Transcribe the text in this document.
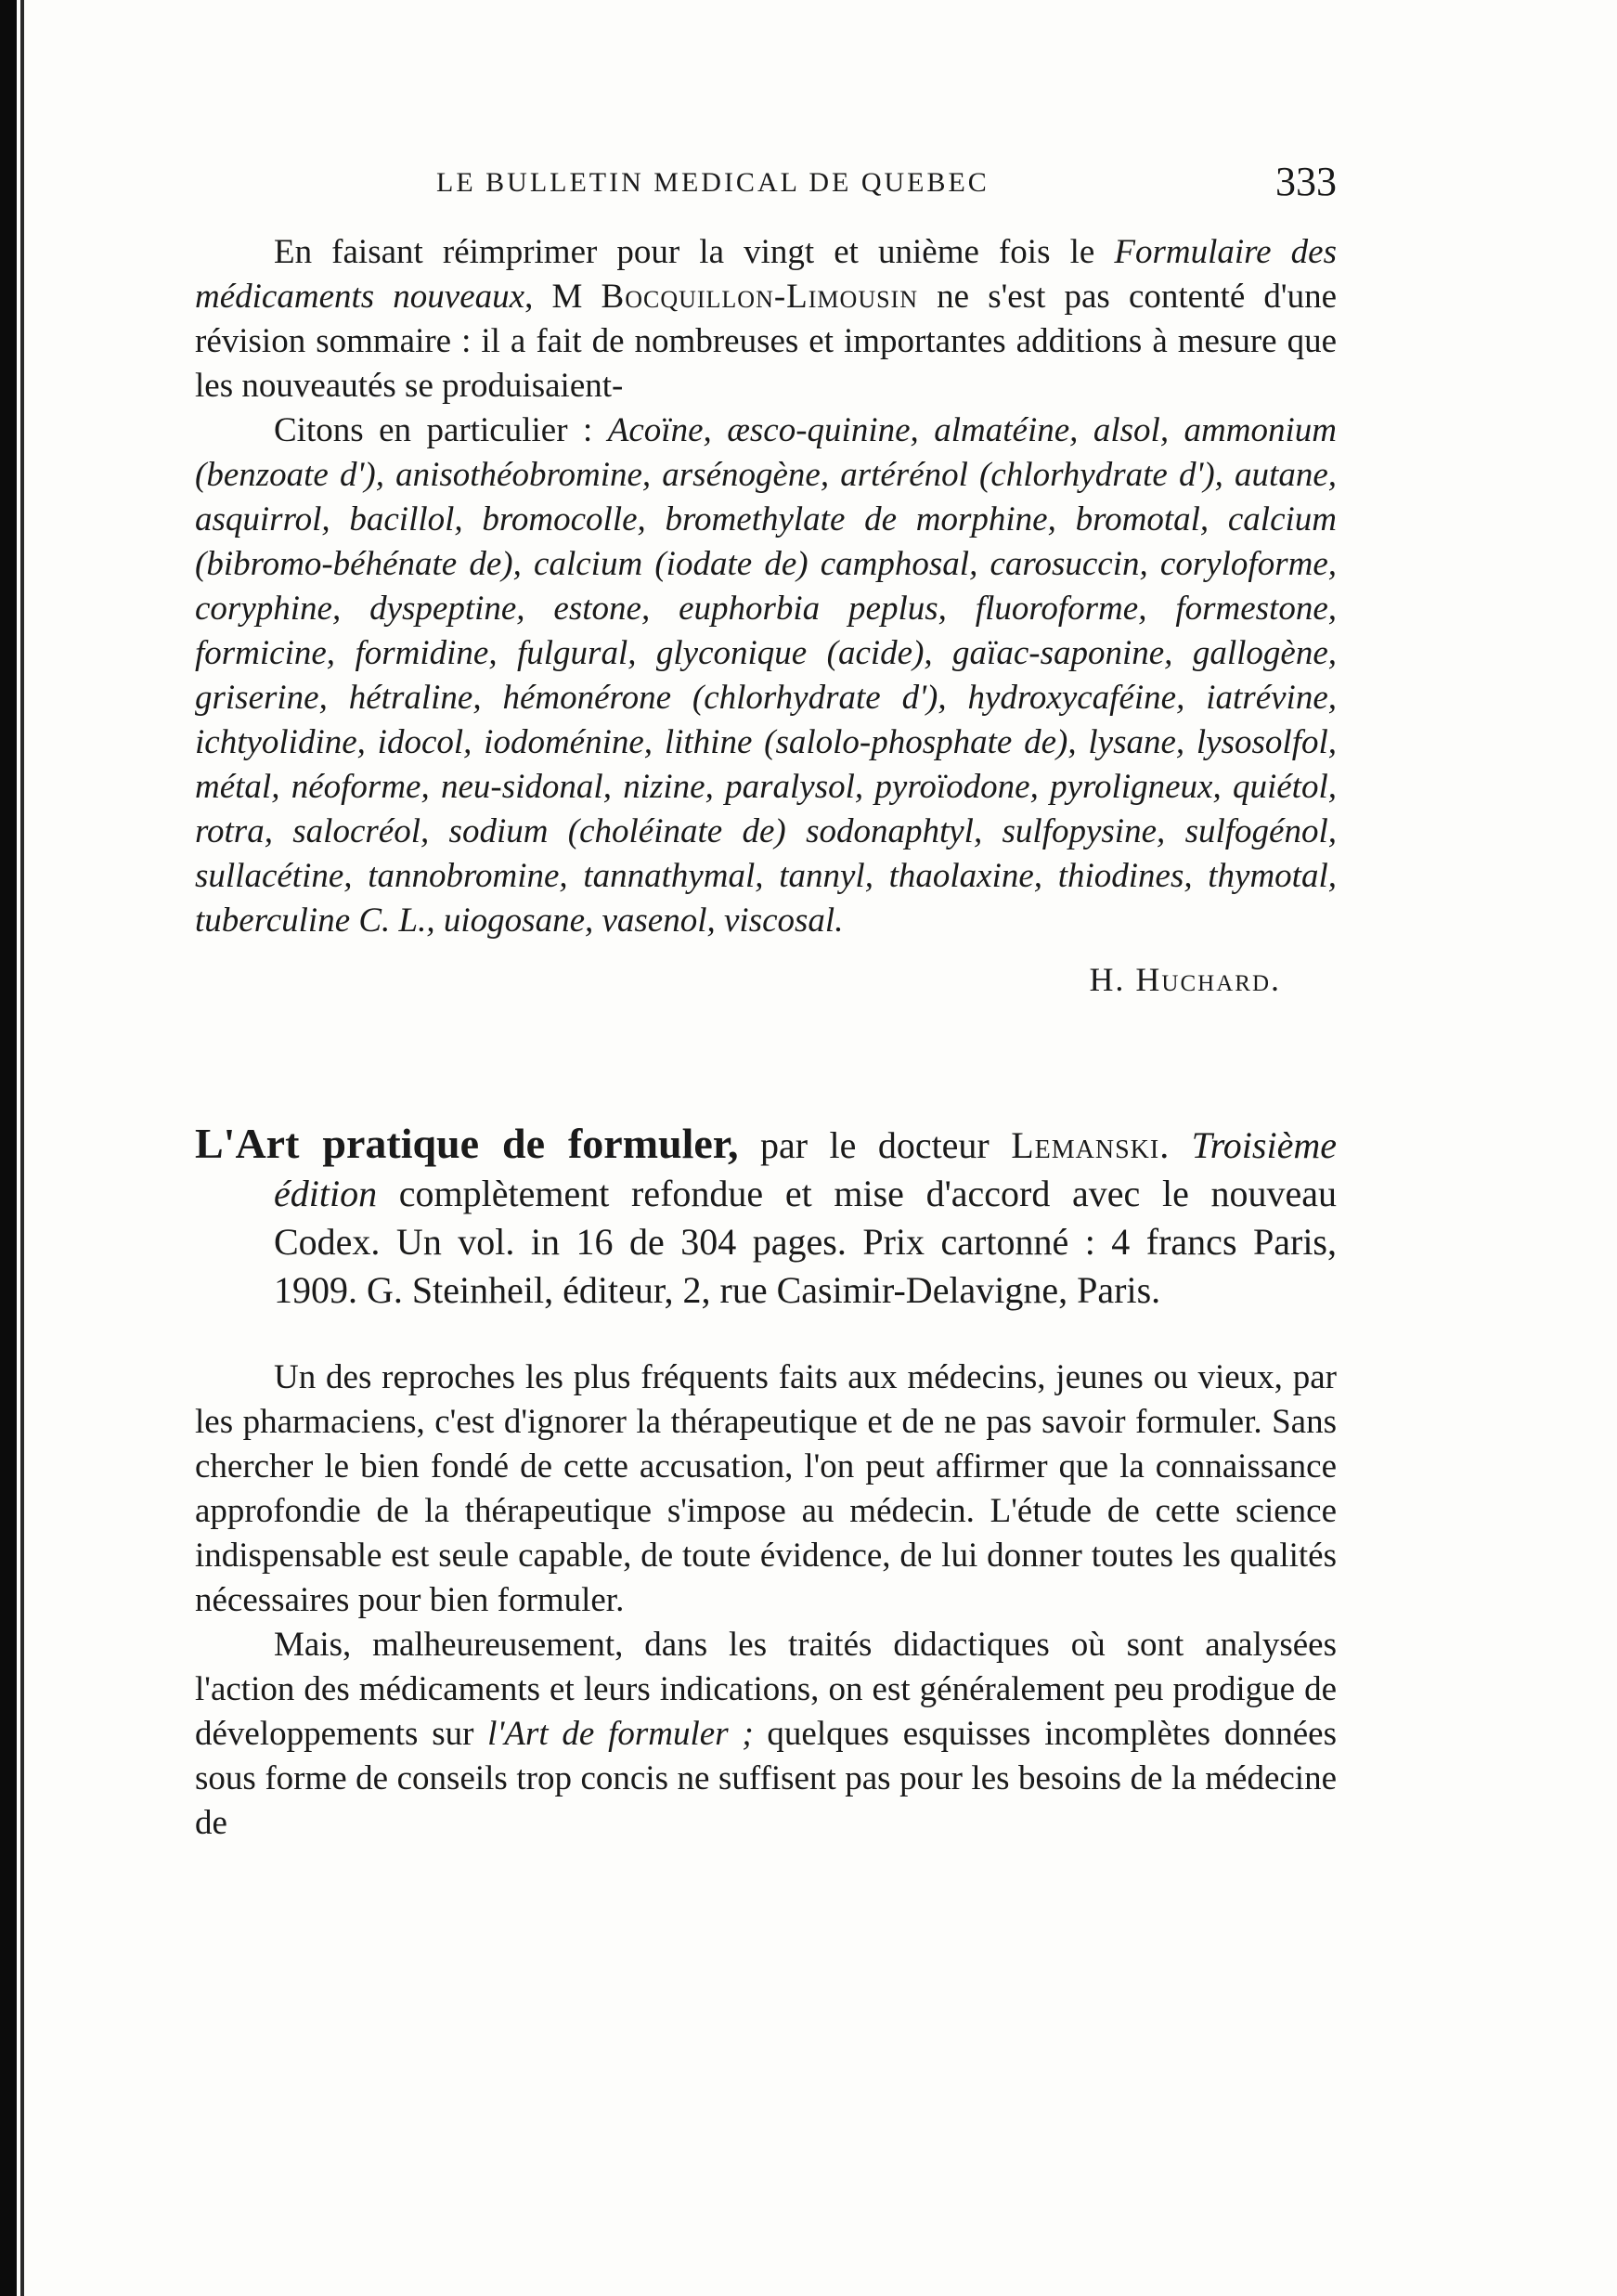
LE BULLETIN MEDICAL DE QUEBEC	333

En faisant réimprimer pour la vingt et unième fois le Formulaire des médicaments nouveaux, M Bocquillon-Limousin ne s'est pas contenté d'une révision sommaire : il a fait de nombreuses et importantes additions à mesure que les nouveautés se produisaient-

Citons en particulier : Acoïne, æsco-quinine, almatéine, alsol, ammonium (benzoate d'), anisothéobromine, arsénogène, artérénol (chlorhydrate d'), autane, asquirrol, bacillol, bromocolle, bromethylate de morphine, bromotal, calcium (bibromo-béhénate de), calcium (iodate de) camphosal, carosuccin, coryloforme, coryphine, dyspeptine, estone, euphorbia peplus, fluoroforme, formestone, formicine, formidine, fulgural, glyconique (acide), gaïac-saponine, gallogène, griserine, hétraline, hémonérone (chlorhydrate d'), hydroxycaféine, iatrévine, ichtyolidine, idocol, iodoménine, lithine (salolo-phosphate de), lysane, lysosolfol, métal, néoforme, neu-sidonal, nizine, paralysol, pyroïodone, pyroligneux, quiétol, rotra, salocréol, sodium (choléinate de) sodonaphtyl, sulfopysine, sulfogénol, sullacétine, tannobromine, tannathymal, tannyl, thaolaxine, thiodines, thymotal, tuberculine C. L., uiogosane, vasenol, viscosal.

H. Huchard.

L'Art pratique de formuler, par le docteur Lemanski. Troisième édition complètement refondue et mise d'accord avec le nouveau Codex. Un vol. in 16 de 304 pages. Prix cartonné : 4 francs Paris, 1909. G. Steinheil, éditeur, 2, rue Casimir-Delavigne, Paris.

Un des reproches les plus fréquents faits aux médecins, jeunes ou vieux, par les pharmaciens, c'est d'ignorer la thérapeutique et de ne pas savoir formuler. Sans chercher le bien fondé de cette accusation, l'on peut affirmer que la connaissance approfondie de la thérapeutique s'impose au médecin. L'étude de cette science indispensable est seule capable, de toute évidence, de lui donner toutes les qualités nécessaires pour bien formuler.

Mais, malheureusement, dans les traités didactiques où sont analysées l'action des médicaments et leurs indications, on est généralement peu prodigue de développements sur l'Art de formuler ; quelques esquisses incomplètes données sous forme de conseils trop concis ne suffisent pas pour les besoins de la médecine de
